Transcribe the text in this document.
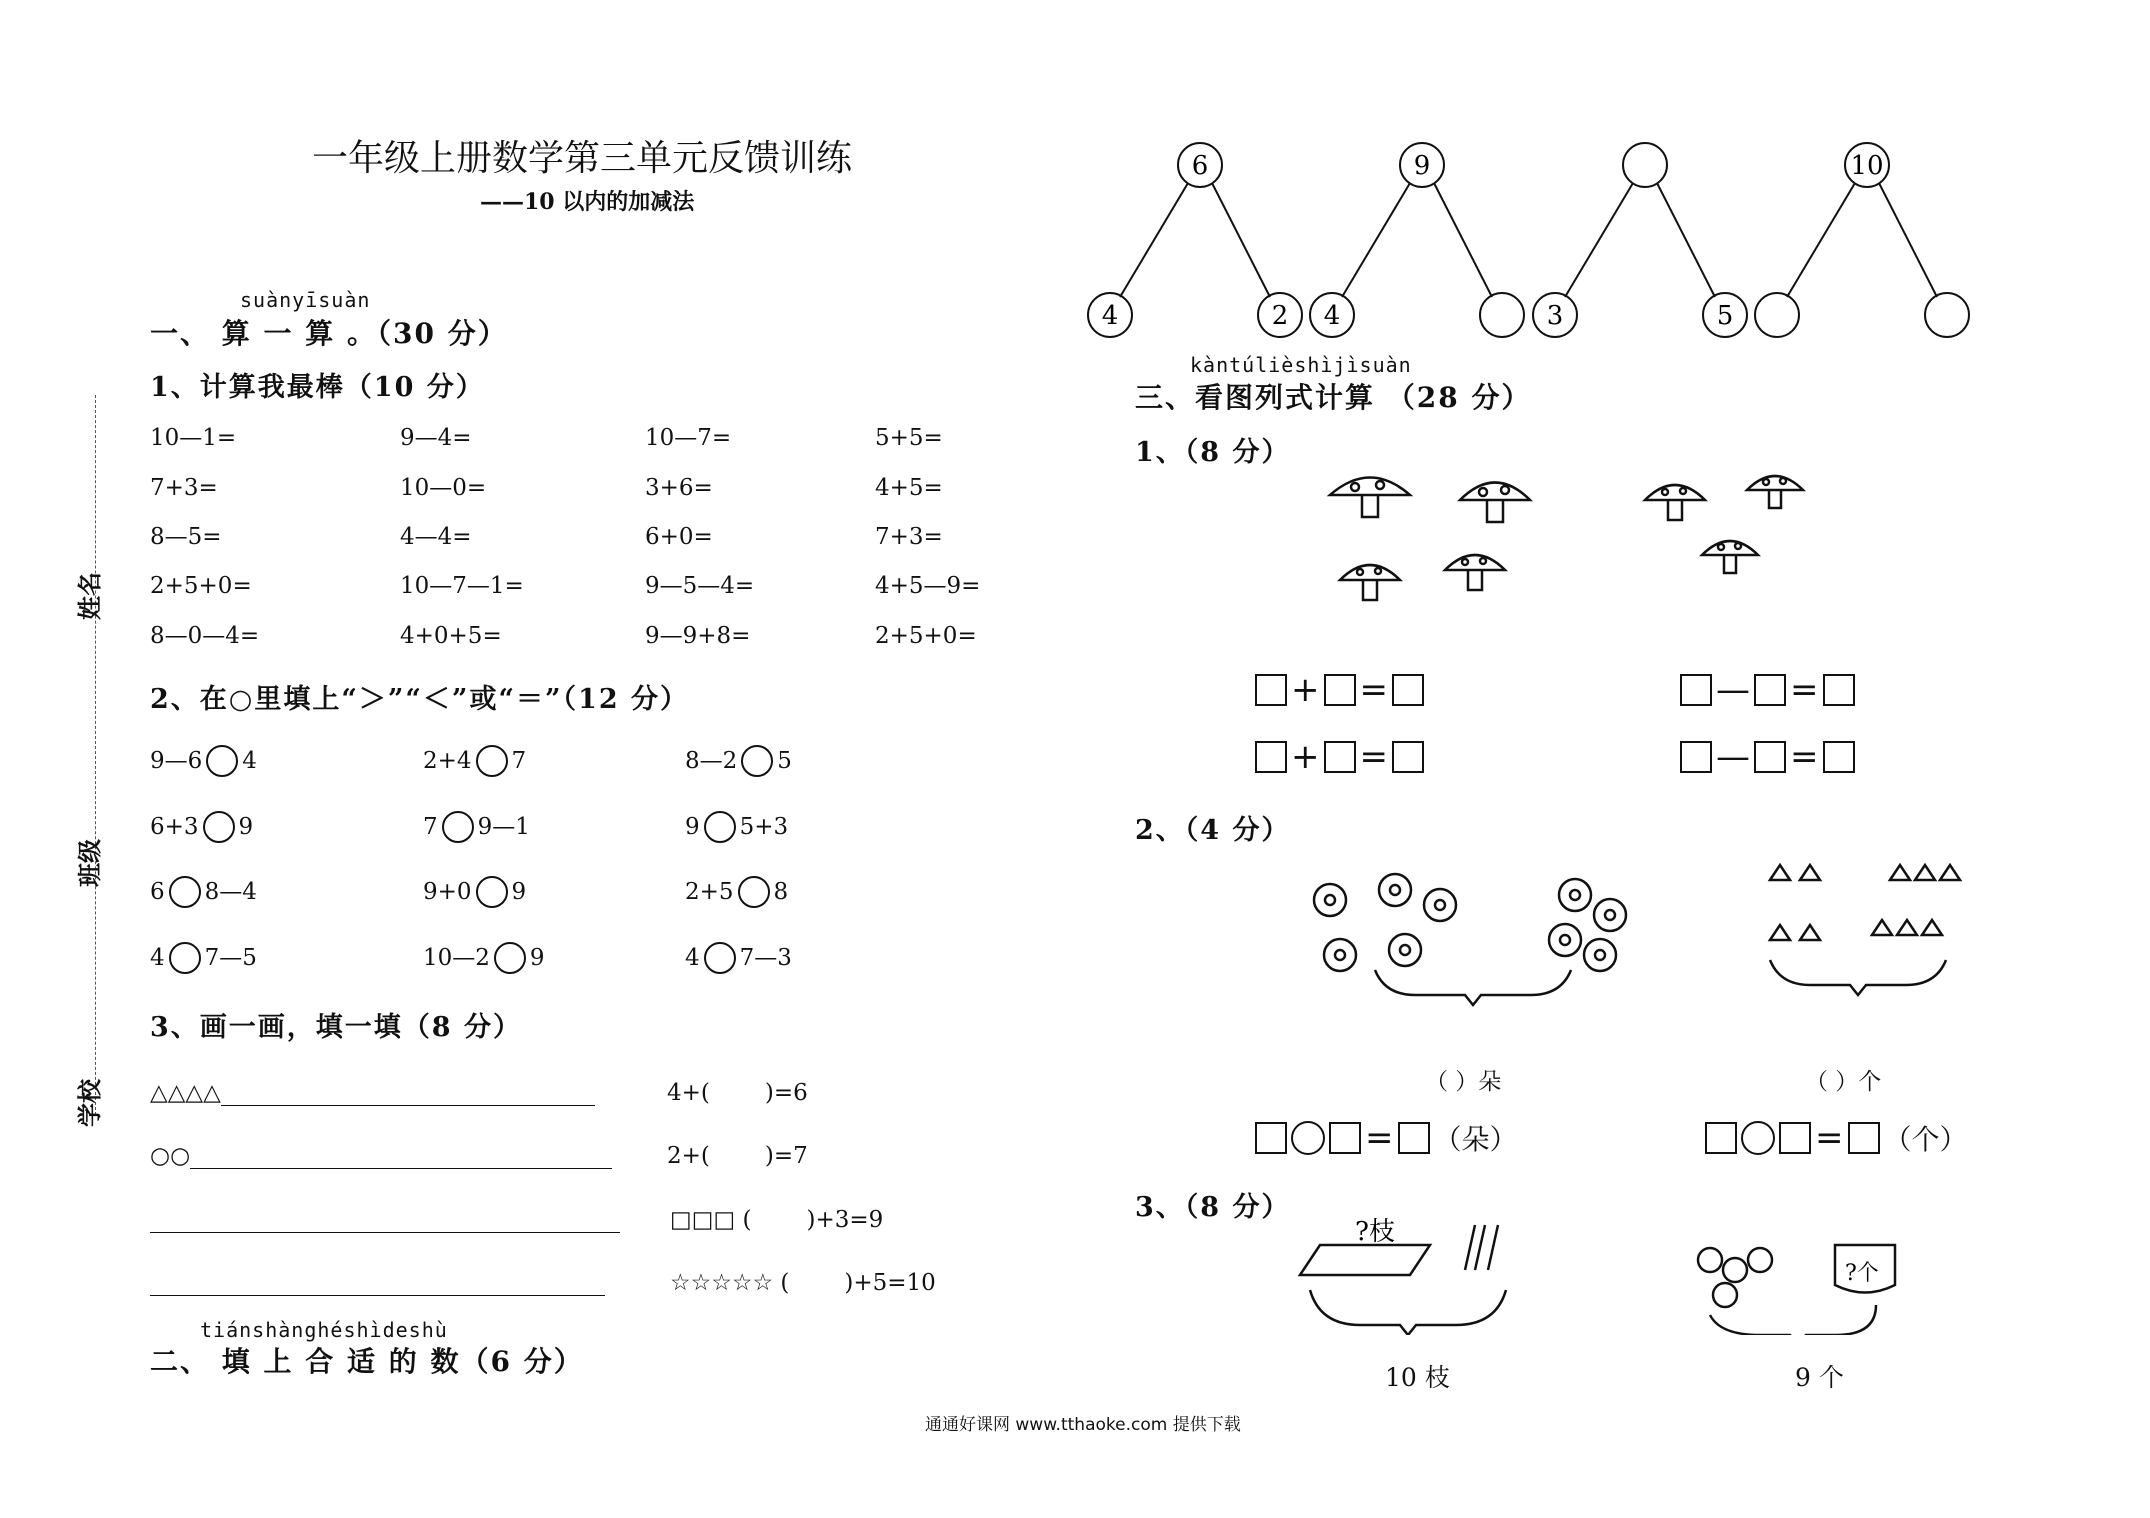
一年级上册数学第三单元反馈训练
——10 以内的加减法
姓名
班级
学校
suànyīsuàn
一、 算 一 算 。（30 分）
1、计算我最棒（10 分）
10—1=	9—4=	10—7=	5+5=
7+3=	10—0=	3+6=	4+5=
8—5=	4—4=	6+0=	7+3=
2+5+0=	10—7—1=	9—5—4=	4+5—9=
8—0—4=	4+0+5=	9—9+8=	2+5+0=
2、在○里填上“＞”“＜”或“＝”（12 分）
9—6 4	2+4 7	8—2 5
6+3 9	7 9—1	9 5+3
6 8—4	9+0 9	2+5 8
4 7—5	10—2 9	4 7—3
3、画一画，填一填（8 分）
△△△△	4+( )=6
○○	2+( )=7
□□□ ( )+3=9
☆☆☆☆☆ ( )+5=10
tiánshànghéshìdeshù
二、 填 上 合 适 的 数（6 分）
6
4	2
9
4	3	5
10
kàntúlièshìjìsuàn
三、看图列式计算 （28 分）
1、（8 分）
+ =	— =
+ =	— =
2、（4 分）
（ ）朵	（ ）个
= （朵）	= （个）
3、（8 分）
?枝
?个
10 枝	9 个
通通好课网 www.tthaoke.com 提供下载
